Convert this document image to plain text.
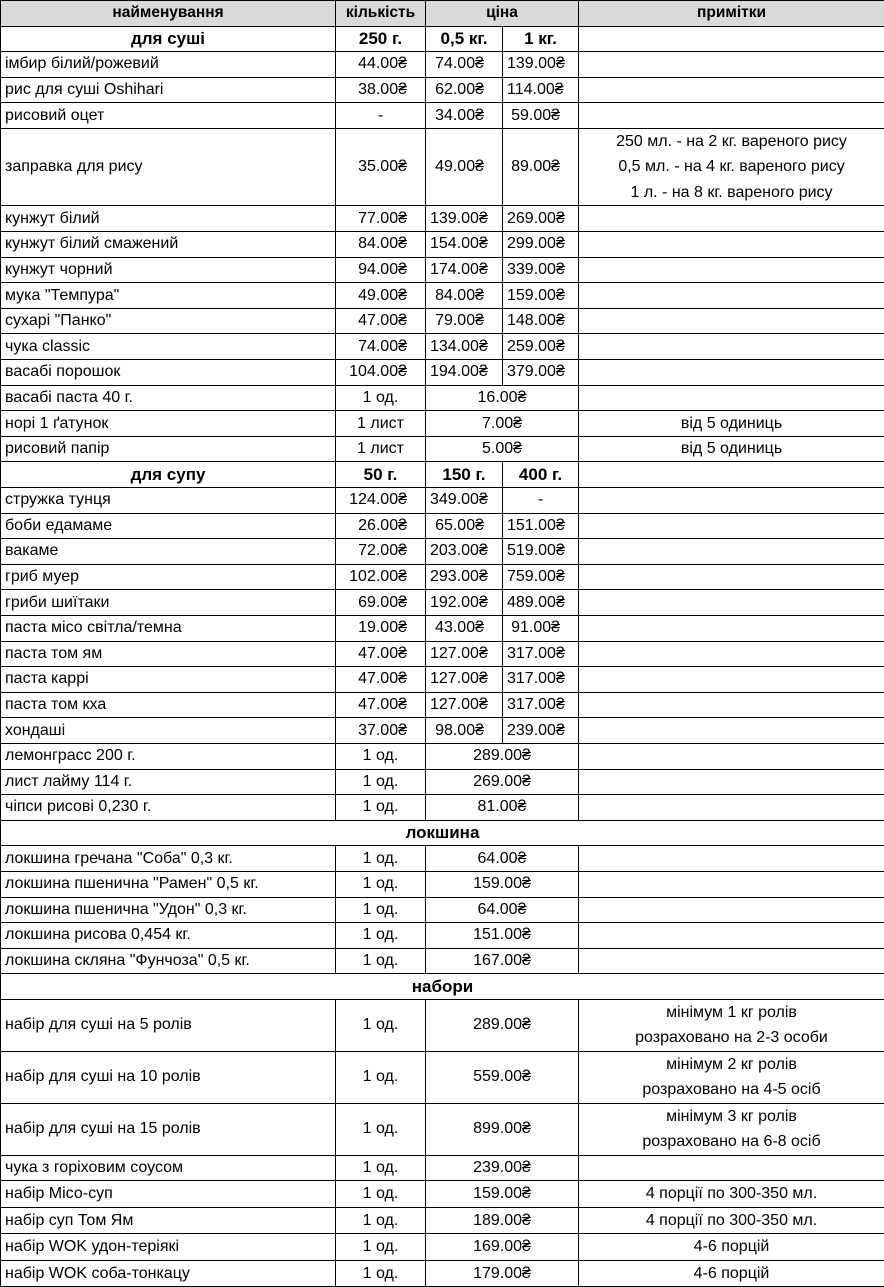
найменування	кількість	ціна		примітки
для суші	250 г.	0,5 кг.	1 кг.	
імбир білий/рожевий	44.00₴	74.00₴	139.00₴	
рис для суші Oshihari	38.00₴	62.00₴	114.00₴	
рисовий оцет	-	34.00₴	59.00₴	
заправка для рису	35.00₴	49.00₴	89.00₴	250 мл. - на 2 кг. вареного рису
0,5 мл. - на 4 кг. вареного рису
1 л. - на 8 кг. вареного рису

кунжут білий	77.00₴	139.00₴	269.00₴	
кунжут білий смажений	84.00₴	154.00₴	299.00₴	
кунжут чорний	94.00₴	174.00₴	339.00₴	
мука "Темпура"	49.00₴	84.00₴	159.00₴	
сухарі "Панко"	47.00₴	79.00₴	148.00₴	
чука classic	74.00₴	134.00₴	259.00₴	
васабі порошок	104.00₴	194.00₴	379.00₴	
васабі паста 40 г.	1 од.	16.00₴		
норі 1 ґатунок	1 лист	7.00₴		від 5 одиниць
рисовий папір	1 лист	5.00₴		від 5 одиниць
для супу	50 г.	150 г.	400 г.	
стружка тунця	124.00₴	349.00₴	-	
боби едамаме	26.00₴	65.00₴	151.00₴	
вакаме	72.00₴	203.00₴	519.00₴	
гриб муер	102.00₴	293.00₴	759.00₴	
гриби шиїтаки	69.00₴	192.00₴	489.00₴	
паста місо світла/темна	19.00₴	43.00₴	91.00₴	
паста том ям	47.00₴	127.00₴	317.00₴	
паста каррі	47.00₴	127.00₴	317.00₴	
паста том кха	47.00₴	127.00₴	317.00₴	
хондаші	37.00₴	98.00₴	239.00₴	
лемонграсс 200 г.	1 од.	289.00₴		
лист лайму 114 г.	1 од.	269.00₴		
чіпси рисові 0,230 г.	1 од.	81.00₴		
локшина				
локшина гречана "Соба" 0,3 кг.	1 од.	64.00₴		
локшина пшенична "Рамен" 0,5 кг.	1 од.	159.00₴		
локшина пшенична "Удон" 0,3 кг.	1 од.	64.00₴		
локшина рисова 0,454 кг.	1 од.	151.00₴		
локшина скляна "Фунчоза" 0,5 кг.	1 од.	167.00₴		
набори				
набір для суші на 5 ролів	1 од.	289.00₴		мінімум 1 кг ролів
розраховано на 2-3 особи

набір для суші на 10 ролів	1 од.	559.00₴		мінімум 2 кг ролів
розраховано на 4-5 осіб

набір для суші на 15 ролів	1 од.	899.00₴		мінімум 3 кг ролів
розраховано на 6-8 осіб

чука з горіховим соусом	1 од.	239.00₴		
набір Місо-суп	1 од.	159.00₴		4 порції по 300-350 мл.

набір суп Том Ям	1 од.	189.00₴		4 порції по 300-350 мл.

набір WOK удон-теріякі	1 од.	169.00₴		4-6 порцій

набір WOK соба-тонкацу	1 од.	179.00₴		4-6 порцій
